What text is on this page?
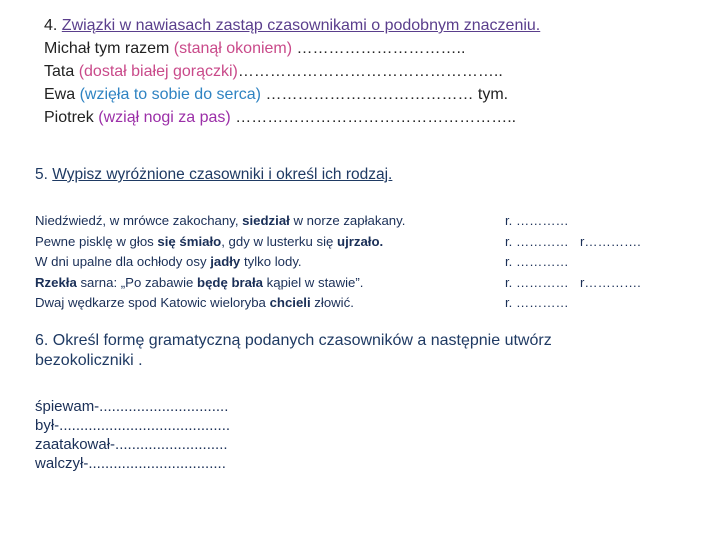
4. Związki w nawiasach zastąp czasownikami o podobnym znaczeniu.
Michał tym razem (stanął okoniem) …………………………..
Tata (dostał białej gorączki)…………………………………………..
Ewa (wzięła to sobie do serca) ………………………………… tym.
Piotrek (wziął nogi za pas) ……………………………………………..
5. Wypisz wyróżnione czasowniki i określ ich rodzaj.
Niedźwiedź, w mrówce zakochany, siedział w norze zapłakany.	r. …………
Pewne pisklę w głos się śmiało, gdy w lusterku się ujrzało.	r. ………… r………….
W dni upalne dla ochłody osy jadły tylko lody.	r. …………
Rzekła sarna: „Po zabawie będę brała kąpiel w stawie”.	r. ………… r………….
Dwaj wędkarze spod Katowic wieloryba chcieli złowić.	r. …………
6. Określ formę gramatyczną podanych czasowników a następnie utwórz
bezokoliczniki .
śpiewam-...............................
był-.........................................
zaatakował-...........................
walczył-.................................
